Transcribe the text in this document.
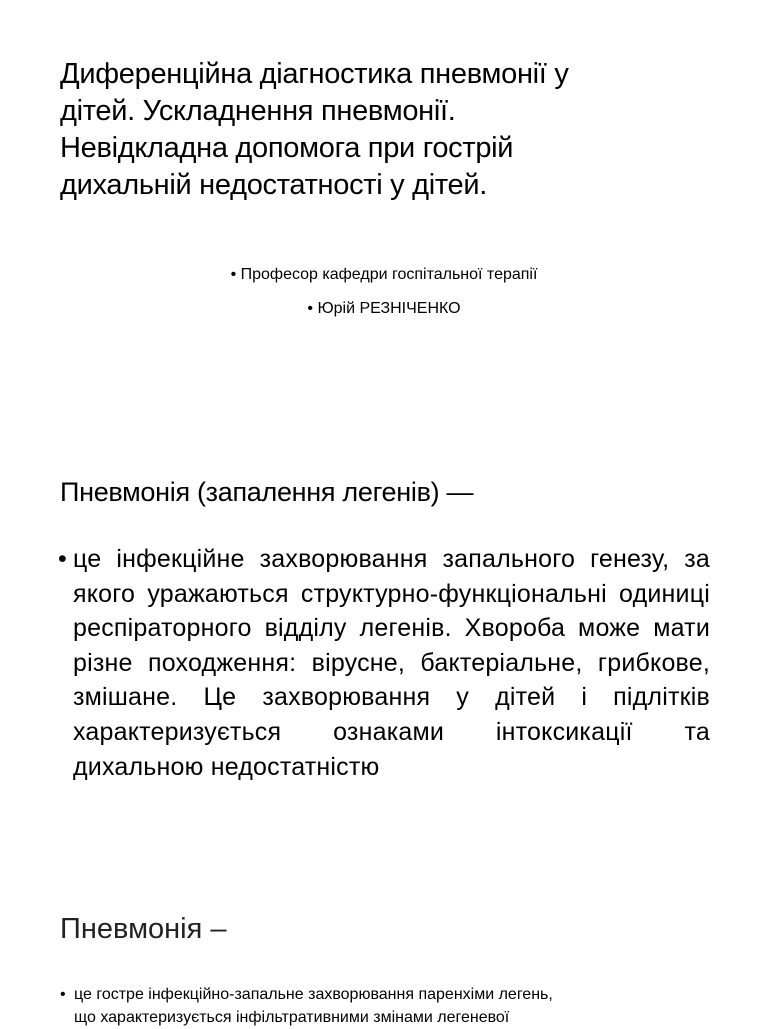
Диференційна діагностика пневмонії у
дітей. Ускладнення пневмонії.
Невідкладна допомога при гострій
дихальній недостатності у дітей.
• Професор кафедри госпітальної терапії
• Юрій РЕЗНІЧЕНКО
Пневмонія (запалення легенів) —
• це інфекційне захворювання запального генезу, за якого уражаються структурно-функціональні одиниці респіраторного відділу легенів. Хвороба може мати різне походження: вірусне, бактеріальне, грибкове, змішане. Це захворювання у дітей і підлітків характеризується ознаками інтоксикації та дихальною недостатністю
Пневмонія –
• це гостре інфекційно-запальне захворювання паренхіми легень,
що характеризується інфільтративними змінами легеневої
